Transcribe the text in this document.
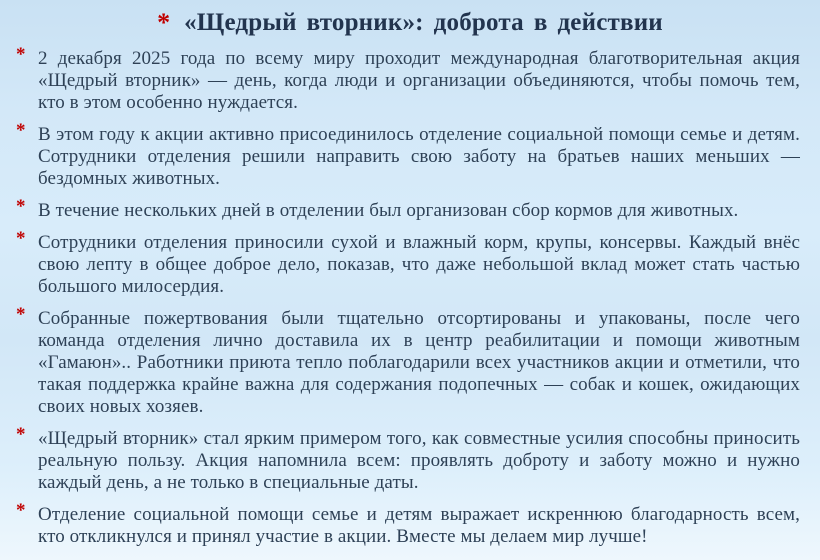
* «Щедрый вторник»: доброта в действии
* 2 декабря 2025 года по всему миру проходит международная благотворительная акция «Щедрый вторник» — день, когда люди и организации объединяются, чтобы помочь тем, кто в этом особенно нуждается.
* В этом году к акции активно присоединилось отделение социальной помощи семье и детям. Сотрудники отделения решили направить свою заботу на братьев наших меньших — бездомных животных.
* В течение нескольких дней в отделении был организован сбор кормов для животных.
* Сотрудники отделения приносили сухой и влажный корм, крупы, консервы. Каждый внёс свою лепту в общее доброе дело, показав, что даже небольшой вклад может стать частью большого милосердия.
* Собранные пожертвования были тщательно отсортированы и упакованы, после чего команда отделения лично доставила их в центр реабилитации и помощи животным «Гамаюн».. Работники приюта тепло поблагодарили всех участников акции и отметили, что такая поддержка крайне важна для содержания подопечных — собак и кошек, ожидающих своих новых хозяев.
* «Щедрый вторник» стал ярким примером того, как совместные усилия способны приносить реальную пользу. Акция напомнила всем: проявлять доброту и заботу можно и нужно каждый день, а не только в специальные даты.
* Отделение социальной помощи семье и детям выражает искреннюю благодарность всем, кто откликнулся и принял участие в акции. Вместе мы делаем мир лучше!
